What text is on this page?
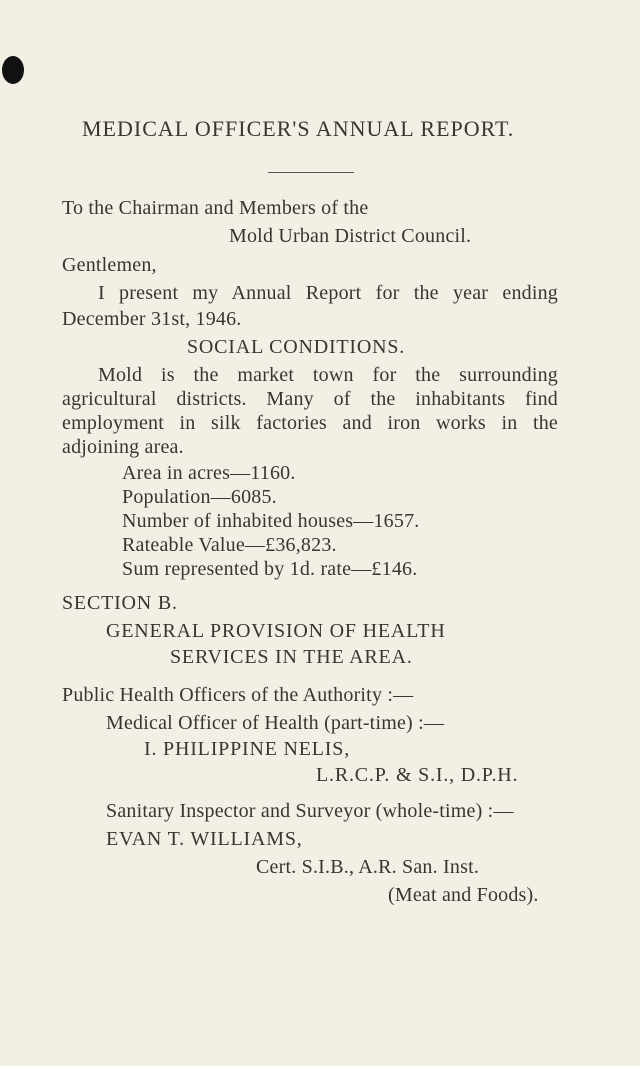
MEDICAL OFFICER'S ANNUAL REPORT.
To the Chairman and Members of the
Mold Urban District Council.
Gentlemen,
I present my Annual Report for the year ending
December 31st, 1946.
SOCIAL CONDITIONS.
Mold is the market town for the surrounding
agricultural districts. Many of the inhabitants find
employment in silk factories and iron works in the
adjoining area.
Area in acres—1160.
Population—6085.
Number of inhabited houses—1657.
Rateable Value—£36,823.
Sum represented by 1d. rate—£146.
SECTION B.
GENERAL PROVISION OF HEALTH
SERVICES IN THE AREA.
Public Health Officers of the Authority :—
Medical Officer of Health (part-time) :—
I. PHILIPPINE NELIS,
L.R.C.P. & S.I., D.P.H.
Sanitary Inspector and Surveyor (whole-time) :—
EVAN T. WILLIAMS,
Cert. S.I.B., A.R. San. Inst.
(Meat and Foods).
